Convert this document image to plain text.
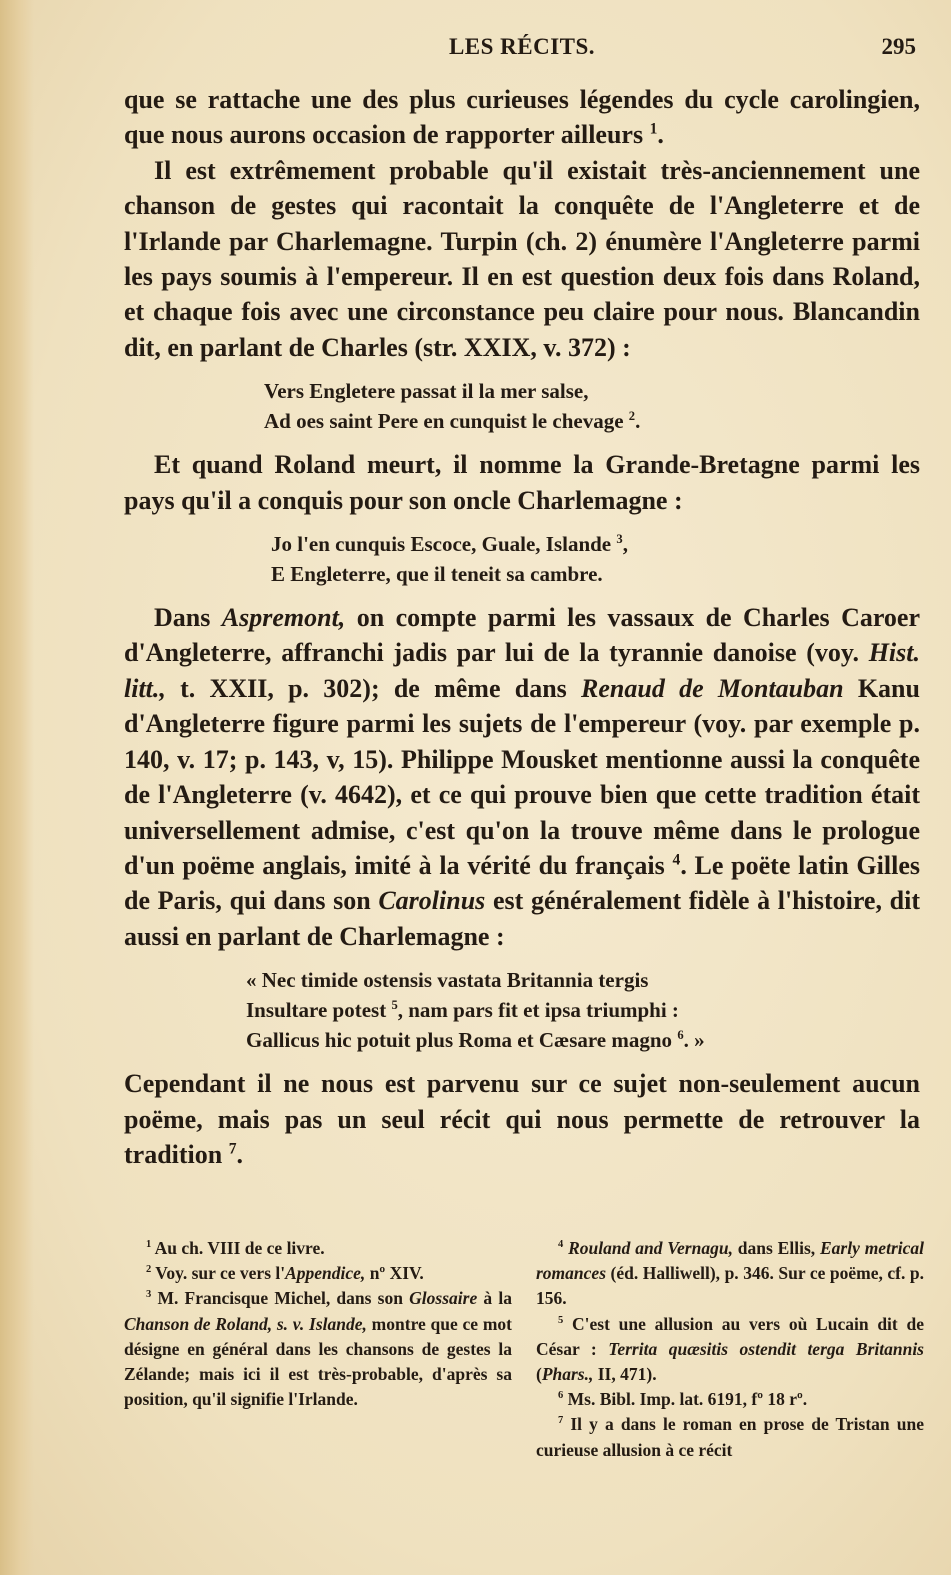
LES RÉCITS.	295

que se rattache une des plus curieuses légendes du cycle carolingien, que nous aurons occasion de rapporter ailleurs $^1$.

Il est extrêmement probable qu'il existait très-anciennement une chanson de gestes qui racontait la conquête de l'Angleterre et de l'Irlande par Charlemagne. Turpin (ch. 2) énumère l'Angleterre parmi les pays soumis à l'empereur. Il en est question deux fois dans Roland, et chaque fois avec une circonstance peu claire pour nous. Blancandin dit, en parlant de Charles (str. XXIX, v. 372) :

Vers Engletere passat il la mer salse,
Ad oes saint Pere en cunquist le chevage $^2$.

Et quand Roland meurt, il nomme la Grande-Bretagne parmi les pays qu'il a conquis pour son oncle Charlemagne :

Jo l'en cunquis Escoce, Guale, Islande $^3$,
E Engleterre, que il teneit sa cambre.

Dans Aspremont, on compte parmi les vassaux de Charles Caroer d'Angleterre, affranchi jadis par lui de la tyrannie danoise (voy. Hist. litt., t. XXII, p. 302); de même dans Renaud de Montauban Kanu d'Angleterre figure parmi les sujets de l'empereur (voy. par exemple p. 140, v. 17; p. 143, v, 15). Philippe Mousket mentionne aussi la conquête de l'Angleterre (v. 4642), et ce qui prouve bien que cette tradition était universellement admise, c'est qu'on la trouve même dans le prologue d'un poëme anglais, imité à la vérité du français $^4$. Le poëte latin Gilles de Paris, qui dans son Carolinus est généralement fidèle à l'histoire, dit aussi en parlant de Charlemagne :

« Nec timide ostensis vastata Britannia tergis
Insultare potest $^5$, nam pars fit et ipsa triumphi :
Gallicus hic potuit plus Roma et Cæsare magno $^6$. »

Cependant il ne nous est parvenu sur ce sujet non-seulement aucun poëme, mais pas un seul récit qui nous permette de retrouver la tradition $^7$.

$^1$ Au ch. VIII de ce livre.

$^2$ Voy. sur ce vers l'Appendice, nº XIV.

$^3$ M. Francisque Michel, dans son Glossaire à la Chanson de Roland, s. v. Islande, montre que ce mot désigne en général dans les chansons de gestes la Zélande; mais ici il est très-probable, d'après sa position, qu'il signifie l'Irlande.

$^4$ Rouland and Vernagu, dans Ellis, Early metrical romances (éd. Halliwell), p. 346. Sur ce poëme, cf. p. 156.

$^5$ C'est une allusion au vers où Lucain dit de César : Territa quæsitis ostendit terga Britannis (Phars., II, 471).

$^6$ Ms. Bibl. Imp. lat. 6191, fº 18 rº.

$^7$ Il y a dans le roman en prose de Tristan une curieuse allusion à ce récit
